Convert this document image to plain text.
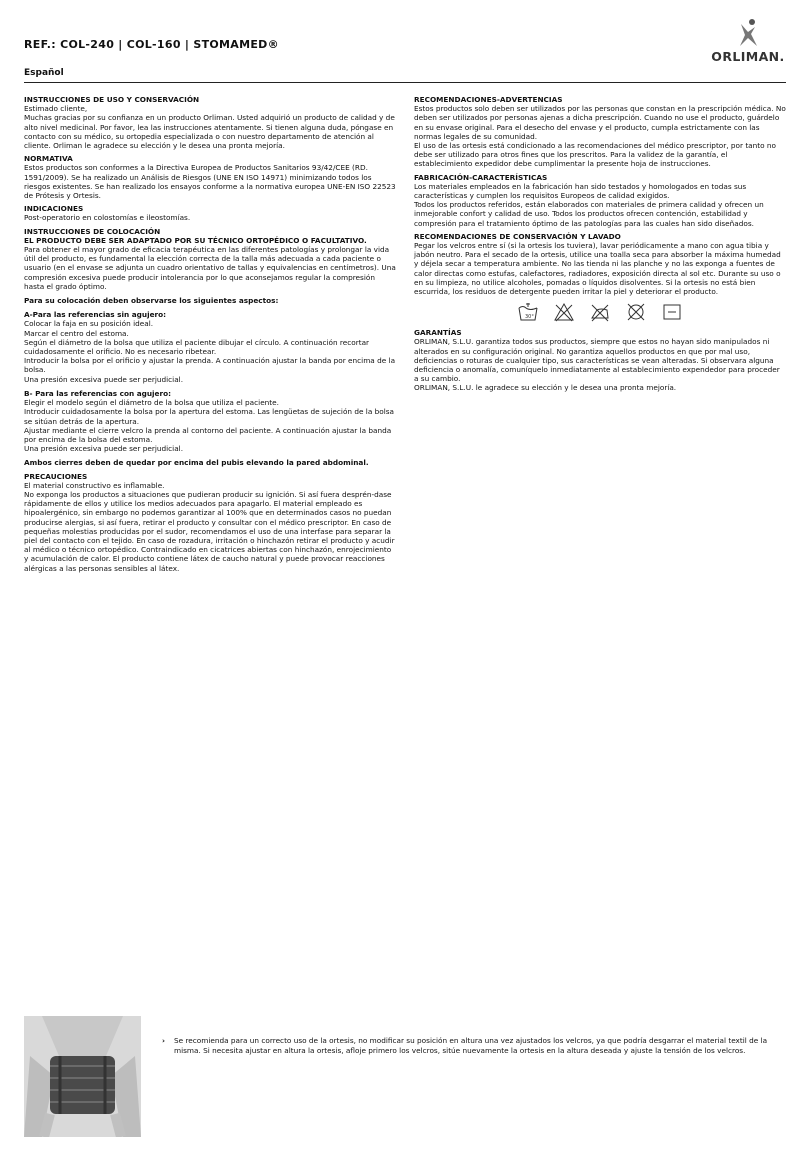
REF.: COL-240 | COL-160 | STOMAMED®
ORLIMAN.
Español
INSTRUCCIONES DE USO Y CONSERVACIÓN

Estimado cliente,

Muchas gracias por su confianza en un producto Orliman. Usted adquirió un producto de calidad y de alto nivel medicinal. Por favor, lea las instrucciones atentamente. Si tienen alguna duda, póngase en contacto con su médico, su ortopedia especializada o con nuestro departamento de atención al cliente. Orliman le agradece su elección y le desea una pronta mejoría.

NORMATIVA

Estos productos son conformes a la Directiva Europea de Productos Sanitarios 93/42/CEE (RD. 1591/2009). Se ha realizado un Análisis de Riesgos (UNE EN ISO 14971) minimizando todos los riesgos existentes. Se han realizado los ensayos conforme a la normativa europea UNE-EN ISO 22523 de Prótesis y Ortesis.

INDICACIONES

Post-operatorio en colostomías e ileostomías.

INSTRUCCIONES DE COLOCACIÓN

EL PRODUCTO DEBE SER ADAPTADO POR SU TÉCNICO ORTOPÉDICO O FACULTATIVO.

Para obtener el mayor grado de eficacia terapéutica en las diferentes patologías y prolongar la vida útil del producto, es fundamental la elección correcta de la talla más adecuada a cada paciente o usuario (en el envase se adjunta un cuadro orientativo de tallas y equivalencias en centímetros). Una compresión excesiva puede producir intolerancia por lo que aconsejamos regular la compresión hasta el grado óptimo.

Para su colocación deben observarse los siguientes aspectos:

A-Para las referencias sin agujero:

Colocar la faja en su posición ideal.

Marcar el centro del estoma.

Según el diámetro de la bolsa que utiliza el paciente dibujar el círculo. A continuación recortar cuidadosamente el orificio. No es necesario ribetear.

Introducir la bolsa por el orificio y ajustar la prenda. A continuación ajustar la banda por encima de la bolsa.

Una presión excesiva puede ser perjudicial.

B- Para las referencias con agujero:

Elegir el modelo según el diámetro de la bolsa que utiliza el paciente.

Introducir cuidadosamente la bolsa por la apertura del estoma. Las lengüetas de sujeción de la bolsa se sitúan detrás de la apertura.

Ajustar mediante el cierre velcro la prenda al contorno del paciente. A continuación ajustar la banda por encima de la bolsa del estoma.

Una presión excesiva puede ser perjudicial.

Ambos cierres deben de quedar por encima del pubis elevando la pared abdominal.

PRECAUCIONES

El material constructivo es inflamable.

No exponga los productos a situaciones que pudieran producir su ignición. Si así fuera desprén-dase rápidamente de ellos y utilice los medios adecuados para apagarlo. El material empleado es hipoalergénico, sin embargo no podemos garantizar al 100% que en determinados casos no puedan producirse alergias, si así fuera, retirar el producto y consultar con el médico prescriptor. En caso de pequeñas molestias producidas por el sudor, recomendamos el uso de una interfase para separar la piel del contacto con el tejido. En caso de rozadura, irritación o hinchazón retirar el producto y acudir al médico o técnico ortopédico. Contraindicado en cicatrices abiertas con hinchazón, enrojecimiento y acumulación de calor. El producto contiene látex de caucho natural y puede provocar reacciones alérgicas a las personas sensibles al látex.

RECOMENDACIONES-ADVERTENCIAS

Estos productos solo deben ser utilizados por las personas que constan en la prescripción médica. No deben ser utilizados por personas ajenas a dicha prescripción. Cuando no use el producto, guárdelo en su envase original. Para el desecho del envase y el producto, cumpla estrictamente con las normas legales de su comunidad.

El uso de las ortesis está condicionado a las recomendaciones del médico prescriptor, por tanto no debe ser utilizado para otros fines que los prescritos. Para la validez de la garantía, el establecimiento expedidor debe cumplimentar la presente hoja de instrucciones.

FABRICACIÓN-CARACTERÍSTICAS

Los materiales empleados en la fabricación han sido testados y homologados en todas sus características y cumplen los requisitos Europeos de calidad exigidos.

Todos los productos referidos, están elaborados con materiales de primera calidad y ofrecen un inmejorable confort y calidad de uso. Todos los productos ofrecen contención, estabilidad y compresión para el tratamiento óptimo de las patologías para las cuales han sido diseñados.

RECOMENDACIONES DE CONSERVACIÓN Y LAVADO

Pegar los velcros entre sí (si la ortesis los tuviera), lavar periódicamente a mano con agua tibia y jabón neutro. Para el secado de la ortesis, utilice una toalla seca para absorber la máxima humedad y déjela secar a temperatura ambiente. No las tienda ni las planche y no las exponga a fuentes de calor directas como estufas, calefactores, radiadores, exposición directa al sol etc. Durante su uso o en su limpieza, no utilice alcoholes, pomadas o líquidos disolventes. Si la ortesis no está bien escurrida, los residuos de detergente pueden irritar la piel y deteriorar el producto.

30°
GARANTÍAS

ORLIMAN, S.L.U. garantiza todos sus productos, siempre que estos no hayan sido manipulados ni alterados en su configuración original. No garantiza aquellos productos en que por mal uso, deficiencias o roturas de cualquier tipo, sus características se vean alteradas. Si observara alguna deficiencia o anomalía, comuníquelo inmediatamente al establecimiento expendedor para proceder a su cambio.

ORLIMAN, S.L.U. le agradece su elección y le desea una pronta mejoría.

› Se recomienda para un correcto uso de la ortesis, no modificar su posición en altura una vez ajustados los velcros, ya que podría desgarrar el material textil de la misma. Si necesita ajustar en altura la ortesis, afloje primero los velcros, sitúe nuevamente la ortesis en la altura deseada y ajuste la tensión de los velcros.
